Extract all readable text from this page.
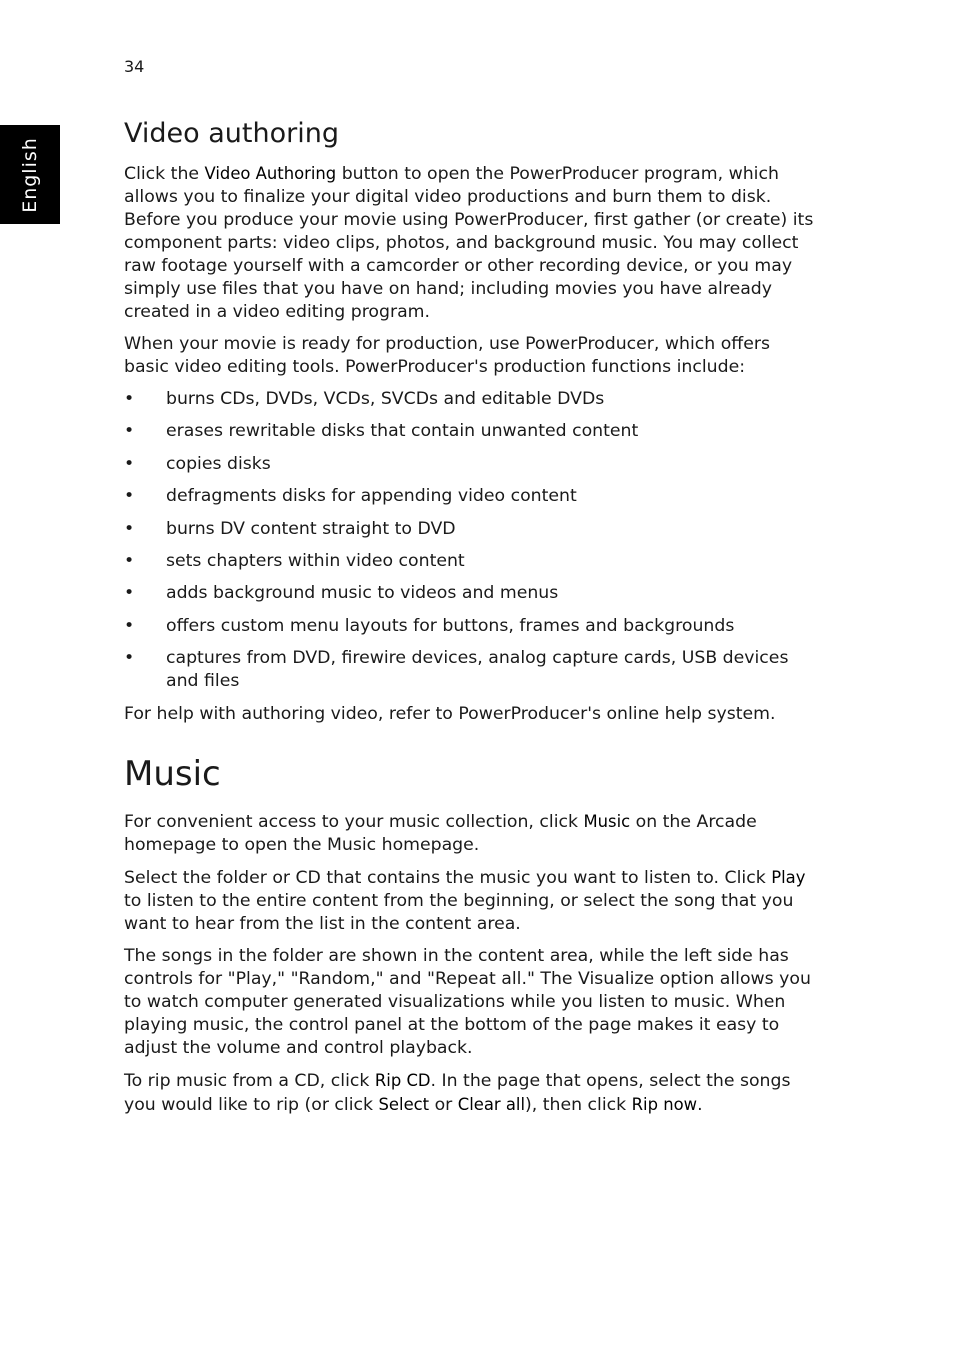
34
English
Video authoring

Click the Video Authoring button to open the PowerProducer program, which allows you to finalize your digital video productions and burn them to disk. Before you produce your movie using PowerProducer, first gather (or create) its component parts: video clips, photos, and background music. You may collect raw footage yourself with a camcorder or other recording device, or you may simply use files that you have on hand; including movies you have already created in a video editing program.

When your movie is ready for production, use PowerProducer, which offers basic video editing tools. PowerProducer's production functions include:

• burns CDs, DVDs, VCDs, SVCDs and editable DVDs
• erases rewritable disks that contain unwanted content
• copies disks
• defragments disks for appending video content
• burns DV content straight to DVD
• sets chapters within video content
• adds background music to videos and menus
• offers custom menu layouts for buttons, frames and backgrounds
• captures from DVD, firewire devices, analog capture cards, USB devices and files

For help with authoring video, refer to PowerProducer's online help system.

Music

For convenient access to your music collection, click Music on the Arcade homepage to open the Music homepage.

Select the folder or CD that contains the music you want to listen to. Click Play to listen to the entire content from the beginning, or select the song that you want to hear from the list in the content area.

The songs in the folder are shown in the content area, while the left side has controls for "Play," "Random," and "Repeat all." The Visualize option allows you to watch computer generated visualizations while you listen to music. When playing music, the control panel at the bottom of the page makes it easy to adjust the volume and control playback.

To rip music from a CD, click Rip CD. In the page that opens, select the songs you would like to rip (or click Select or Clear all), then click Rip now.
